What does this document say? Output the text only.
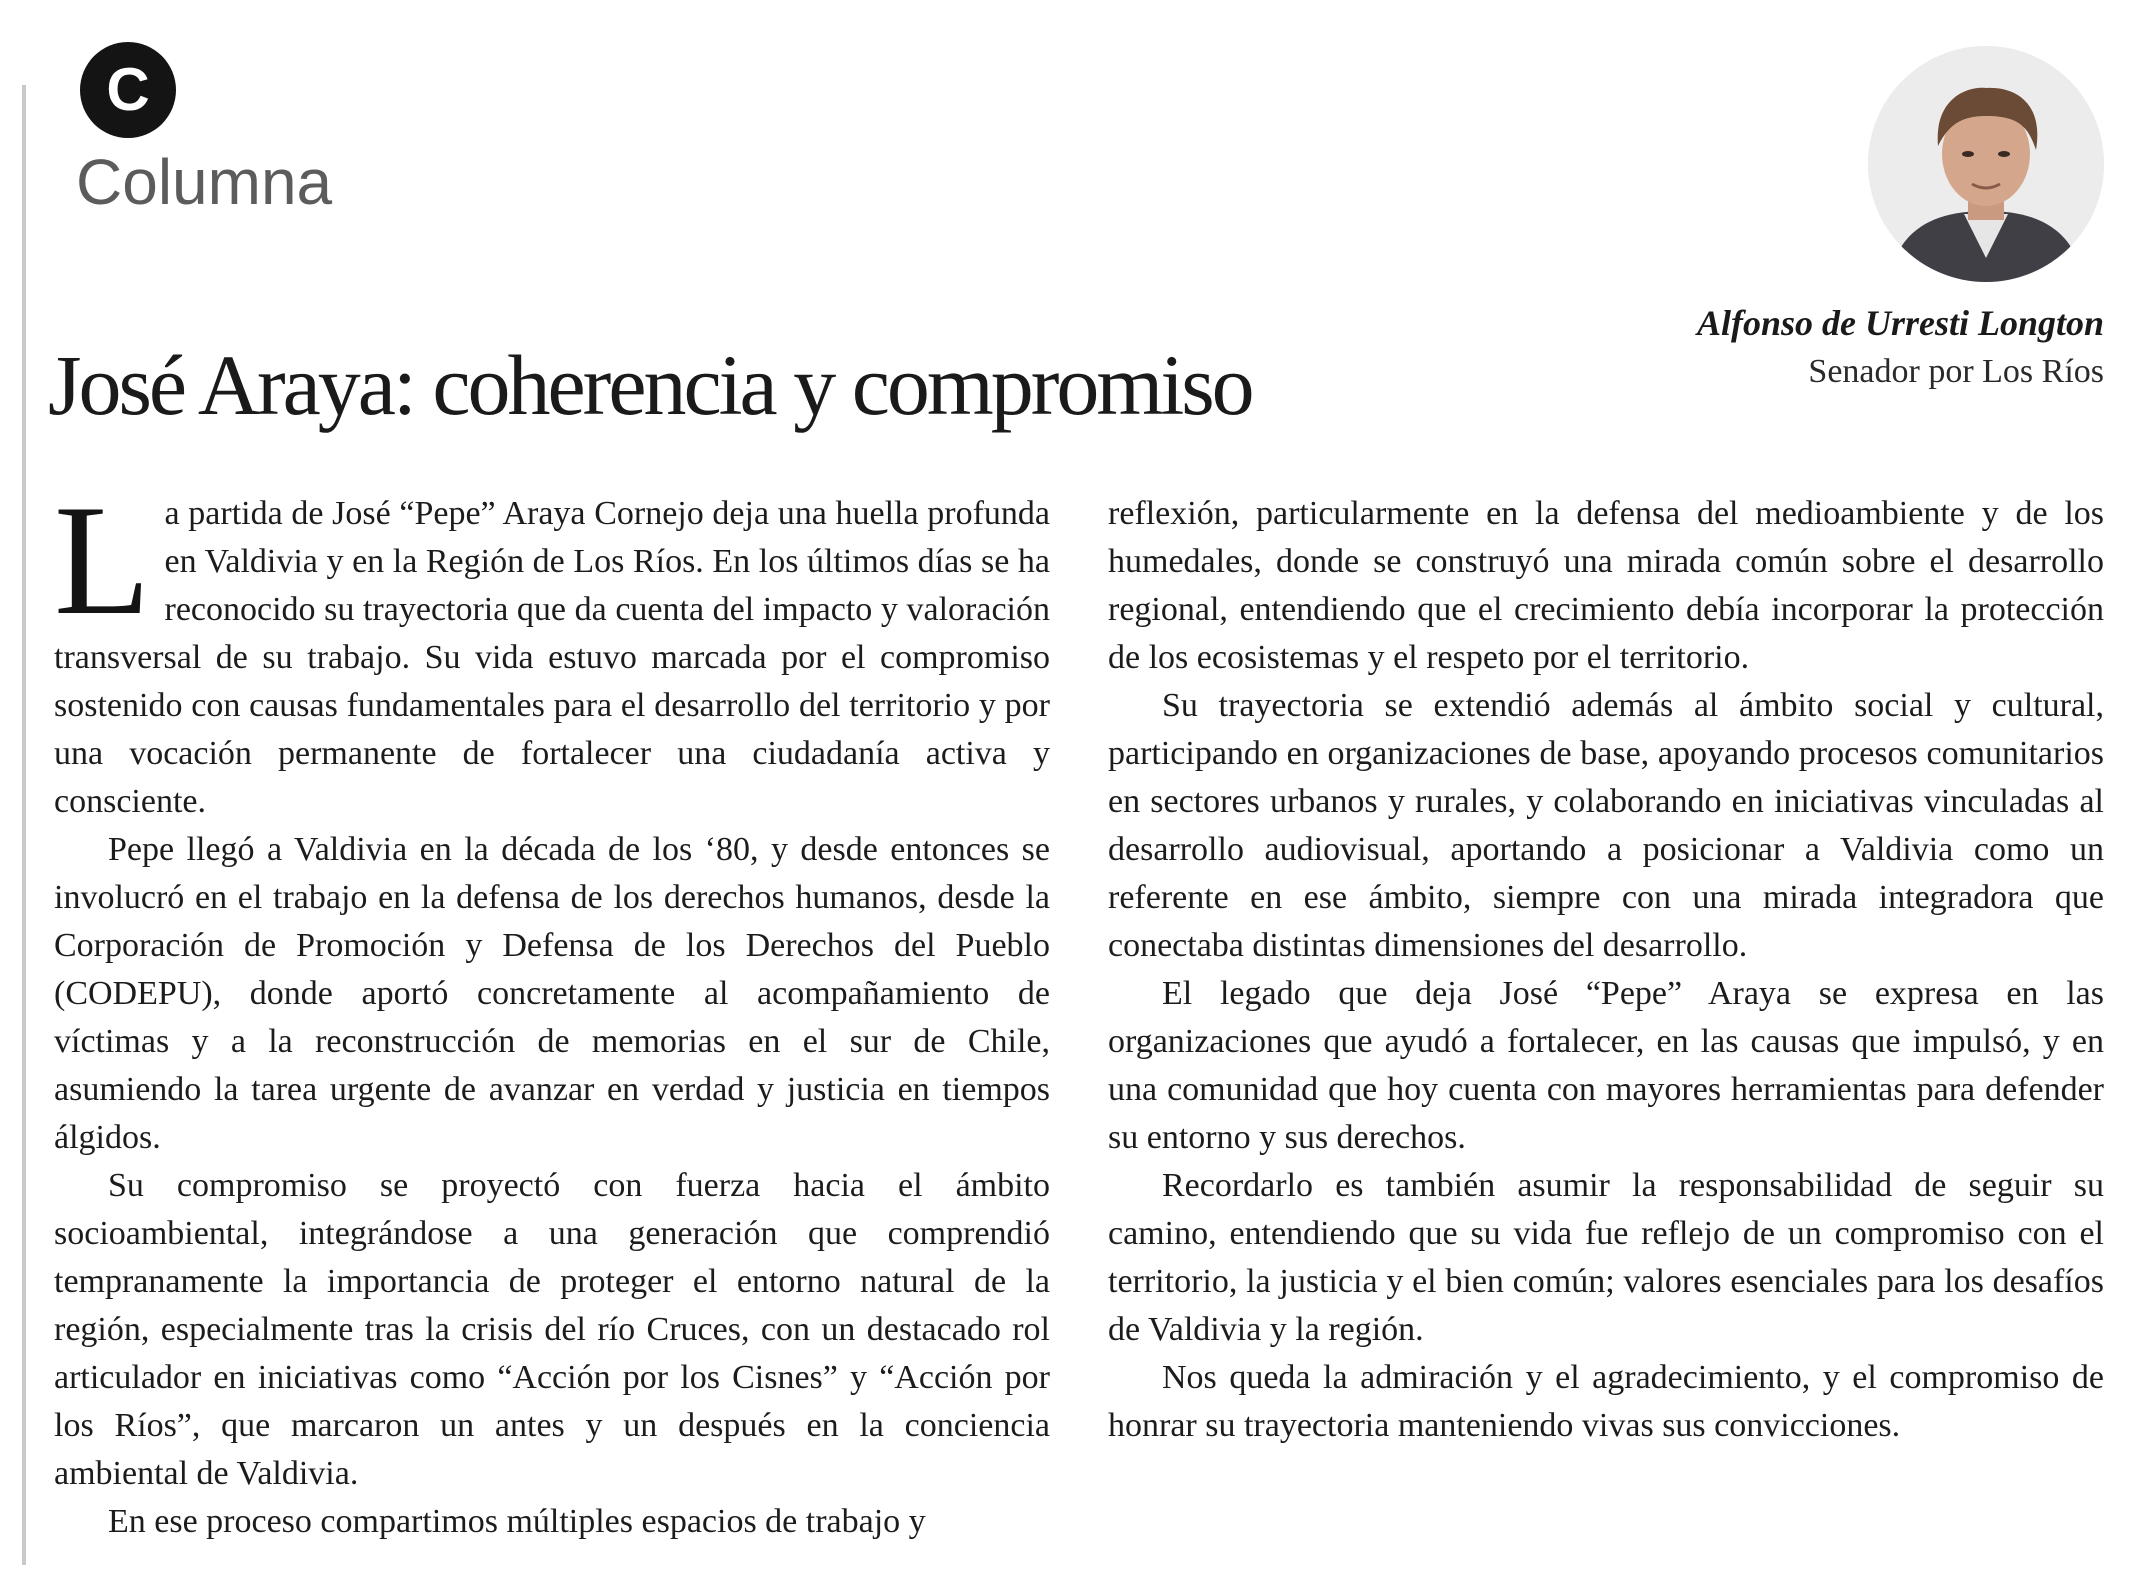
C
Columna
José Araya: coherencia y compromiso
Alfonso de Urresti Longton
Senador por Los Ríos

La partida de José “Pepe” Araya Cornejo deja una huella profunda en Valdivia y en la Región de Los Ríos. En los últimos días se ha reconocido su trayectoria que da cuenta del impacto y valoración transversal de su trabajo. Su vida estuvo marcada por el compromiso sostenido con causas fundamentales para el desarrollo del territorio y por una vocación permanente de fortalecer una ciudadanía activa y consciente.

Pepe llegó a Valdivia en la década de los ‘80, y desde entonces se involucró en el trabajo en la defensa de los derechos humanos, desde la Corporación de Promoción y Defensa de los Derechos del Pueblo (CODEPU), donde aportó concretamente al acompañamiento de víctimas y a la reconstrucción de memorias en el sur de Chile, asumiendo la tarea urgente de avanzar en verdad y justicia en tiempos álgidos.

Su compromiso se proyectó con fuerza hacia el ámbito socioambiental, integrándose a una generación que comprendió tempranamente la importancia de proteger el entorno natural de la región, especialmente tras la crisis del río Cruces, con un destacado rol articulador en iniciativas como “Acción por los Cisnes” y “Acción por los Ríos”, que marcaron un antes y un después en la conciencia ambiental de Valdivia.

En ese proceso compartimos múltiples espacios de trabajo y

reflexión, particularmente en la defensa del medioambiente y de los humedales, donde se construyó una mirada común sobre el desarrollo regional, entendiendo que el crecimiento debía incorporar la protección de los ecosistemas y el respeto por el territorio.

Su trayectoria se extendió además al ámbito social y cultural, participando en organizaciones de base, apoyando procesos comunitarios en sectores urbanos y rurales, y colaborando en iniciativas vinculadas al desarrollo audiovisual, aportando a posicionar a Valdivia como un referente en ese ámbito, siempre con una mirada integradora que conectaba distintas dimensiones del desarrollo.

El legado que deja José “Pepe” Araya se expresa en las organizaciones que ayudó a fortalecer, en las causas que impulsó, y en una comunidad que hoy cuenta con mayores herramientas para defender su entorno y sus derechos.

Recordarlo es también asumir la responsabilidad de seguir su camino, entendiendo que su vida fue reflejo de un compromiso con el territorio, la justicia y el bien común; valores esenciales para los desafíos de Valdivia y la región.

Nos queda la admiración y el agradecimiento, y el compromiso de honrar su trayectoria manteniendo vivas sus convicciones.
